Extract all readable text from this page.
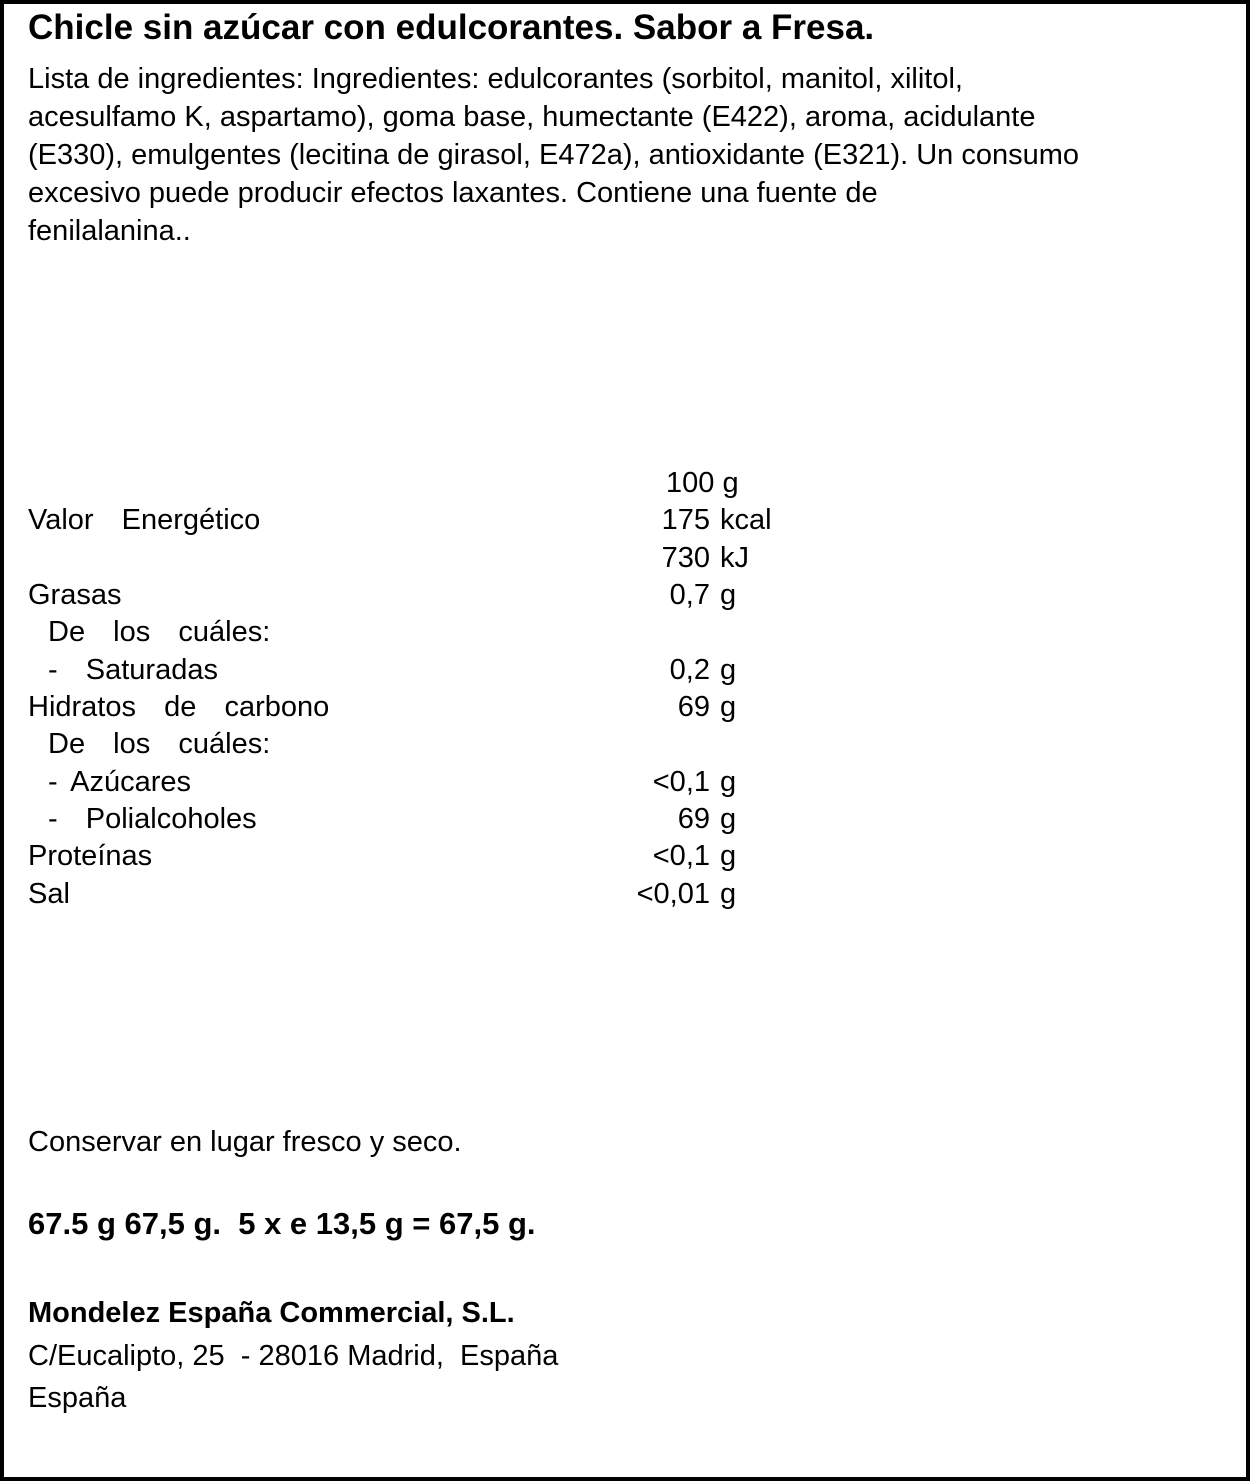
Chicle sin azúcar con edulcorantes. Sabor a Fresa.

Lista de ingredientes: Ingredientes: edulcorantes (sorbitol, manitol, xilitol,
acesulfamo K, aspartamo), goma base, humectante (E422), aroma, acidulante
(E330), emulgentes (lecitina de girasol, E472a), antioxidante (E321). Un consumo
excesivo puede producir efectos laxantes. Contiene una fuente de
fenilalanina..

100 g
Valor  Energético	175 kcal
730 kJ
Grasas	0,7 g
De  los  cuáles:
-  Saturadas	0,2 g
Hidratos  de  carbono	69 g
De  los  cuáles:
- Azúcares	<0,1 g
-  Polialcoholes	69 g
Proteínas	<0,1 g
Sal	<0,01 g
Conservar en lugar fresco y seco.
67.5 g 67,5 g.  5 x e 13,5 g = 67,5 g.
Mondelez España Commercial, S.L.
C/Eucalipto, 25  - 28016 Madrid,  España
España
